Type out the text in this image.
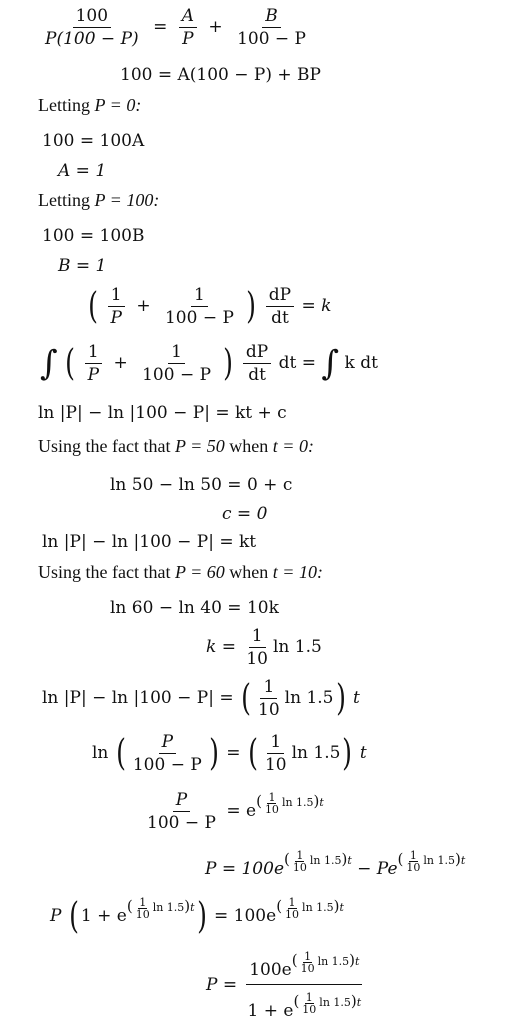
$\frac{100}{P(100 - P)} = \frac{A}{P} + \frac{B}{100 - P}$
100 = A(100 − P) + BP
Letting P = 0:
100 = 100A
A = 1
Letting P = 100:
100 = 100B
B = 1
( $\frac{1}{P} + \frac{1}{100 - P}$ ) $\frac{dP}{dt} = k$
∫ ( $\frac{1}{P} + \frac{1}{100 - P}$ ) $\frac{dP}{dt}$ dt = ∫ k dt
ln |P| − ln |100 − P| = kt + c
Using the fact that P = 50 when t = 0:
ln 50 − ln 50 = 0 + c
c = 0
ln |P| − ln |100 − P| = kt
Using the fact that P = 60 when t = 10:
ln 60 − ln 40 = 10k
$k = \frac{1}{10}$ ln 1.5
ln |P| − ln |100 − P| = ( $\frac{1}{10}$ ln 1.5) t
ln ( $\frac{P}{100 - P}$ ) = ( $\frac{1}{10}$ ln 1.5) t
$\frac{P}{100 - P} = e^{( \frac{1}{10} ln 1.5)t}$
$P = 100e^{( \frac{1}{10} ln 1.5)t} - Pe^{( \frac{1}{10} ln 1.5)t}$
P ( $1 + e^{( \frac{1}{10} ln 1.5)t}) = 100e^{( \frac{1}{10} ln 1.5)t}$
$P = 100e^{( \frac{1}{10} ln 1.5)t}$
$1 + e^{( \frac{1}{10} ln 1.5)t}$
